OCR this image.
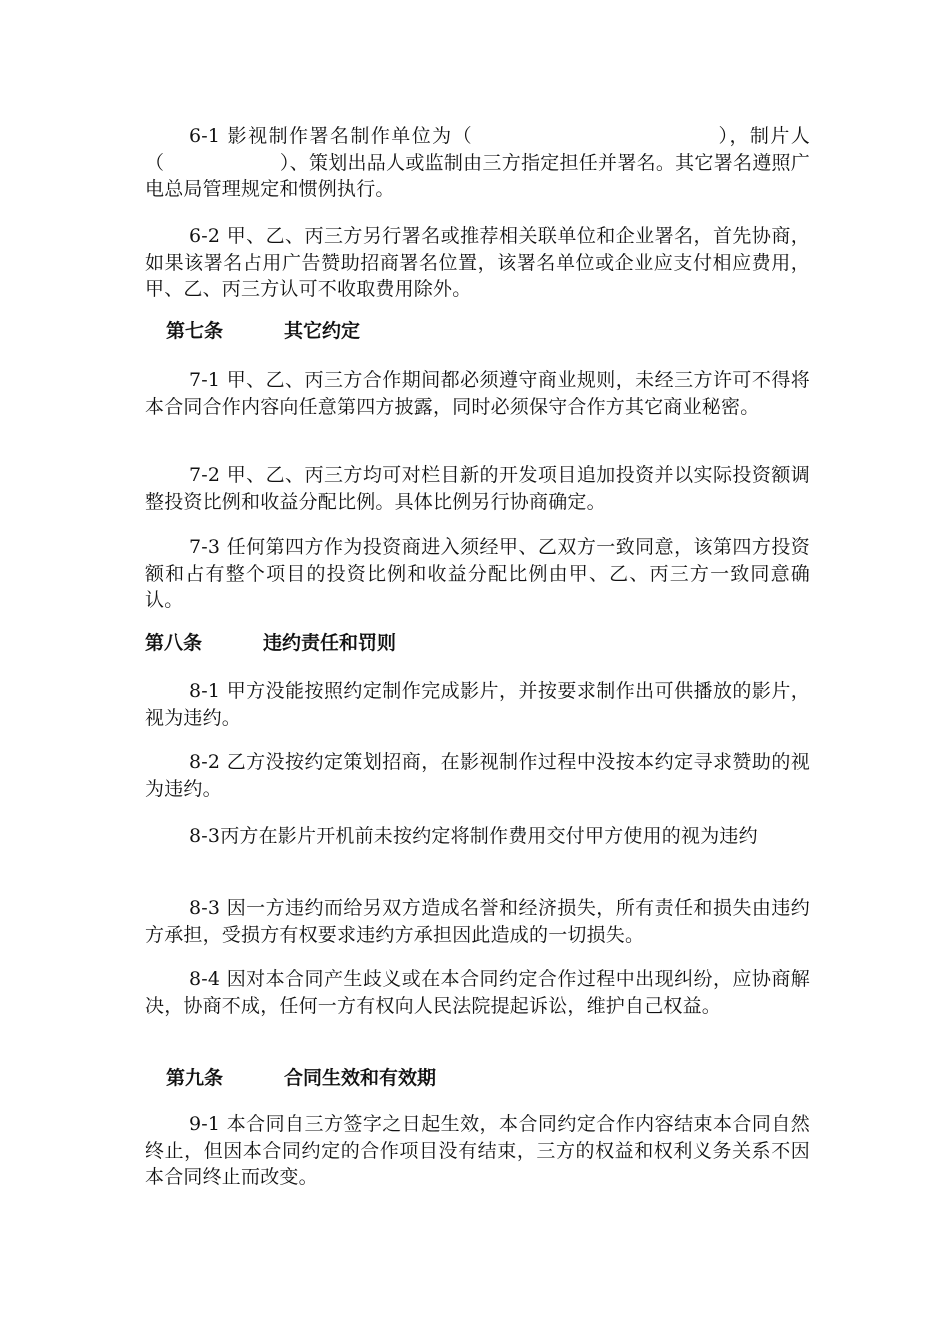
6-1 影视制作署名制作单位为（　　　　　　　　　　　　），制片人（　　　　　　）、策划出品人或监制由三方指定担任并署名。其它署名遵照广电总局管理规定和惯例执行。

6-2 甲、乙、丙三方另行署名或推荐相关联单位和企业署名，首先协商，如果该署名占用广告赞助招商署名位置，该署名单位或企业应支付相应费用，甲、乙、丙三方认可不收取费用除外。

第七条	其它约定

7-1 甲、乙、丙三方合作期间都必须遵守商业规则，未经三方许可不得将本合同合作内容向任意第四方披露，同时必须保守合作方其它商业秘密。

7-2 甲、乙、丙三方均可对栏目新的开发项目追加投资并以实际投资额调整投资比例和收益分配比例。具体比例另行协商确定。

7-3 任何第四方作为投资商进入须经甲、乙双方一致同意，该第四方投资额和占有整个项目的投资比例和收益分配比例由甲、乙、丙三方一致同意确认。

第八条	违约责任和罚则

8-1 甲方没能按照约定制作完成影片，并按要求制作出可供播放的影片，视为违约。

8-2 乙方没按约定策划招商，在影视制作过程中没按本约定寻求赞助的视为违约。

8-3丙方在影片开机前未按约定将制作费用交付甲方使用的视为违约

8-3 因一方违约而给另双方造成名誉和经济损失，所有责任和损失由违约方承担，受损方有权要求违约方承担因此造成的一切损失。

8-4 因对本合同产生歧义或在本合同约定合作过程中出现纠纷，应协商解决，协商不成，任何一方有权向人民法院提起诉讼，维护自己权益。

第九条	合同生效和有效期

9-1 本合同自三方签字之日起生效，本合同约定合作内容结束本合同自然终止，但因本合同约定的合作项目没有结束，三方的权益和权利义务关系不因本合同终止而改变。
